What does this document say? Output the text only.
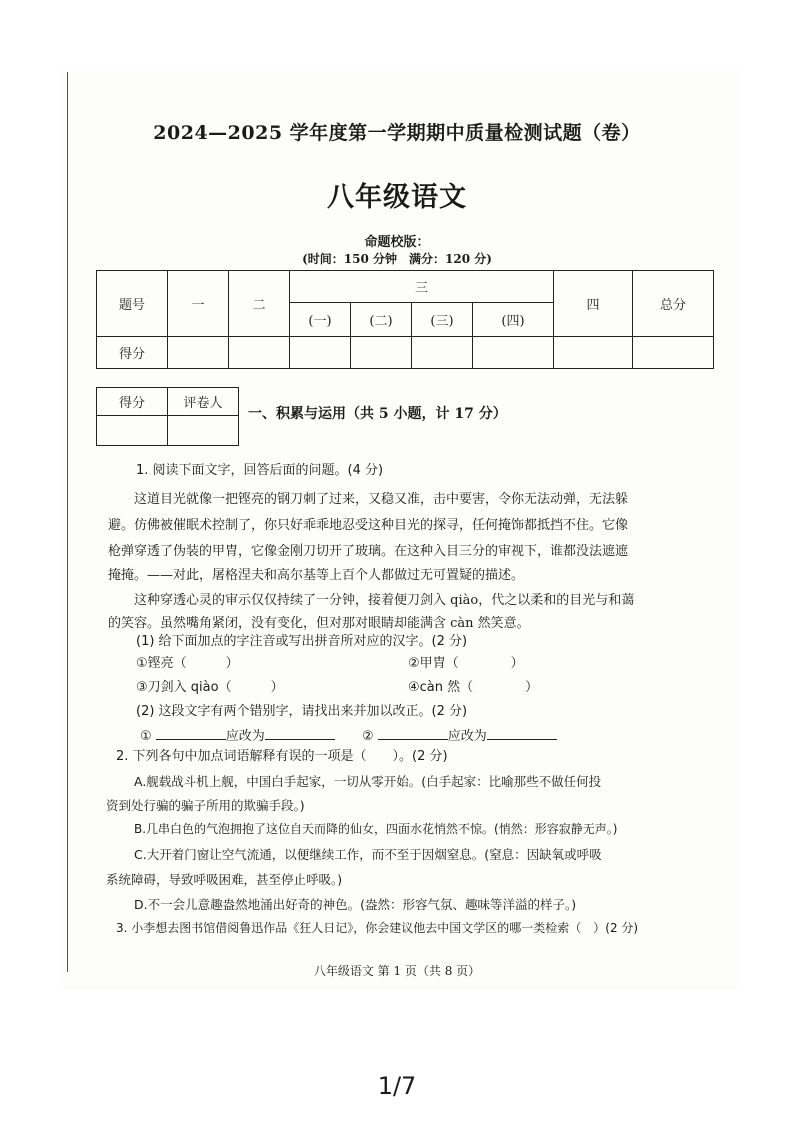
2024—2025 学年度第一学期期中质量检测试题（卷）
八年级语文
命题校版：
(时间：150 分钟　满分：120 分)
题号	一	二	三				四	总分
			(一)	(二)	(三)	(四)		
得分								
得分	评卷人

一、积累与运用（共 5 小题，计 17 分）
1. 阅读下面文字，回答后面的问题。(4 分)
这道目光就像一把铿亮的钢刀刺了过来，又稳又准，击中要害，令你无法动弹，无法躲
避。仿佛被催眠术控制了，你只好乖乖地忍受这种目光的探寻，任何掩饰都抵挡不住。它像
枪弹穿透了伪装的甲胄，它像金刚刀切开了玻璃。在这种入目三分的审视下，谁都没法遮遮
掩掩。——对此，屠格涅夫和高尔基等上百个人都做过无可置疑的描述。
这种穿透心灵的审示仅仅持续了一分钟，接着便刀剑入 qiào，代之以柔和的目光与和蔼
的笑容。虽然嘴角紧闭，没有变化，但对那对眼睛却能满含 càn 然笑意。
(1) 给下面加点的字注音或写出拼音所对应的汉字。(2 分)
①铿亮（　　　）	②甲胄（　　　　）
③刀剑入 qiào（　　　）	④càn 然（　　　　）
(2) 这段文字有两个错别字，请找出来并加以改正。(2 分)
①	应改为	②	应改为
2. 下列各句中加点词语解释有误的一项是（　　）。(2 分)
A.舰载战斗机上舰，中国白手起家，一切从零开始。(白手起家：比喻那些不做任何投
资到处行骗的骗子所用的欺骗手段。)
B.几串白色的气泡拥抱了这位自天而降的仙女，四面水花悄然不惊。(悄然：形容寂静无声。)
C.大开着门窗让空气流通，以便继续工作，而不至于因烟窒息。(窒息：因缺氧或呼吸
系统障碍，导致呼吸困难，甚至停止呼吸。)
D.不一会儿意趣盎然地涌出好奇的神色。(盎然：形容气氛、趣味等洋溢的样子。)
3. 小李想去图书馆借阅鲁迅作品《狂人日记》，你会建议他去中国文学区的哪一类检索（　）(2 分)
八年级语文 第 1 页（共 8 页）
1/7
